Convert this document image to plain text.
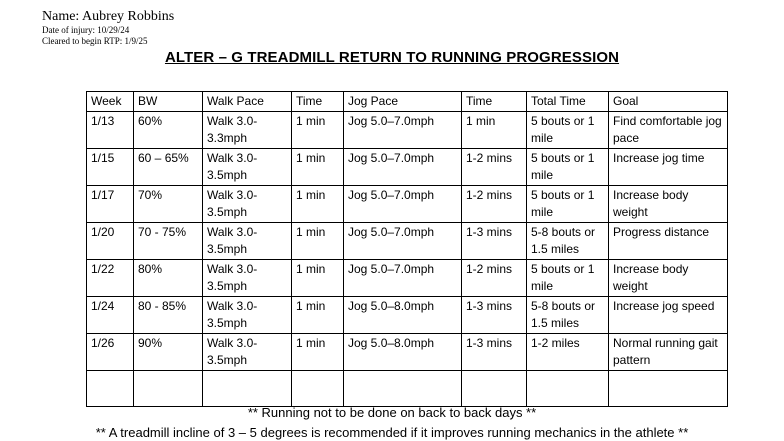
Name: Aubrey Robbins
Date of injury: 10/29/24
Cleared to begin RTP: 1/9/25
ALTER – G TREADMILL RETURN TO RUNNING PROGRESSION
Week	BW	Walk Pace	Time	Jog Pace	Time	Total Time	Goal
1/13	60%	Walk 3.0-3.3mph	1 min	Jog 5.0–7.0mph	1 min	5 bouts or 1 mile	Find comfortable jog pace
1/15	60 – 65%	Walk 3.0-3.5mph	1 min	Jog 5.0–7.0mph	1-2 mins	5 bouts or 1 mile	Increase jog time
1/17	70%	Walk 3.0-3.5mph	1 min	Jog 5.0–7.0mph	1-2 mins	5 bouts or 1 mile	Increase body weight
1/20	70 - 75%	Walk 3.0-3.5mph	1 min	Jog 5.0–7.0mph	1-3 mins	5-8 bouts or 1.5 miles	Progress distance
1/22	80%	Walk 3.0-3.5mph	1 min	Jog 5.0–7.0mph	1-2 mins	5 bouts or 1 mile	Increase body weight
1/24	80 - 85%	Walk 3.0-3.5mph	1 min	Jog 5.0–8.0mph	1-3 mins	5-8 bouts or 1.5 miles	Increase jog speed
1/26	90%	Walk 3.0-3.5mph	1 min	Jog 5.0–8.0mph	1-3 mins	1-2 miles	Normal running gait pattern

** Running not to be done on back to back days **
** A treadmill incline of 3 – 5 degrees is recommended if it improves running mechanics in the athlete **
